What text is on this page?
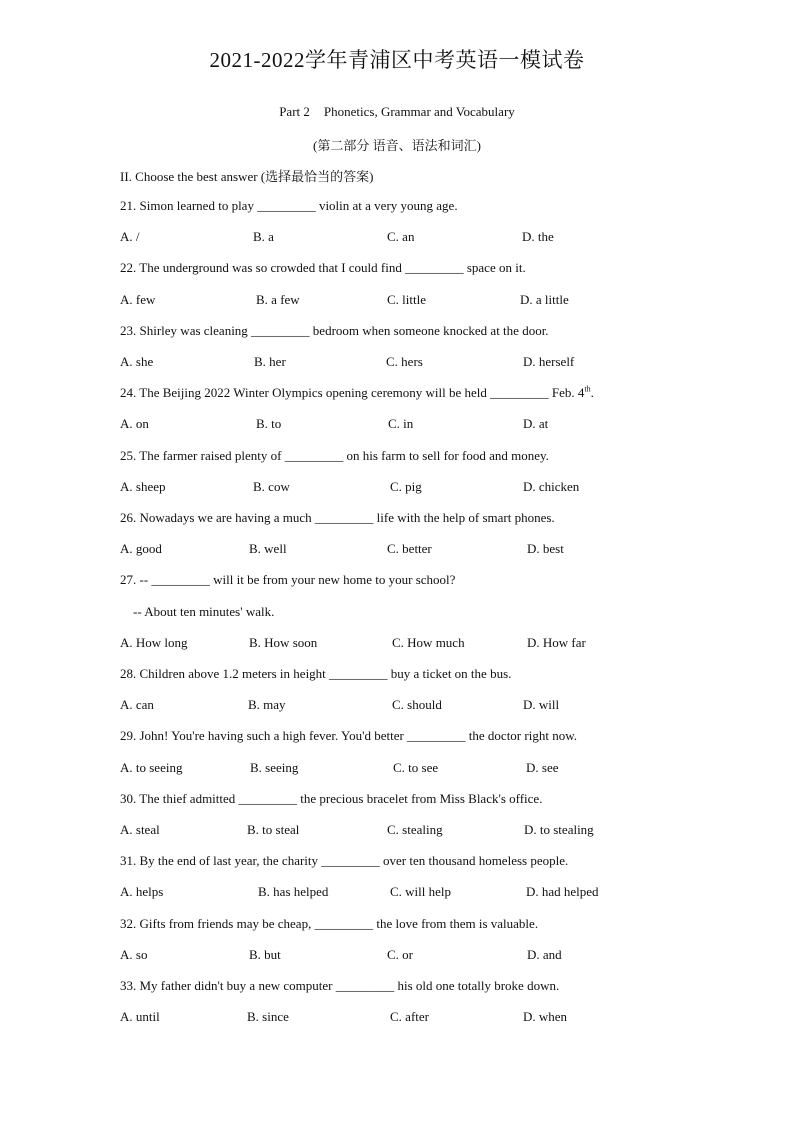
2021-2022学年青浦区中考英语一模试卷
Part 2 Phonetics, Grammar and Vocabulary
(第二部分 语音、语法和词汇)
II. Choose the best answer (选择最恰当的答案)
21. Simon learned to play _________ violin at a very young age.
A. /	B. a	C. an	D. the
22. The underground was so crowded that I could find _________ space on it.
A. few	B. a few	C. little	D. a little
23. Shirley was cleaning _________ bedroom when someone knocked at the door.
A. she	B. her	C. hers	D. herself
24. The Beijing 2022 Winter Olympics opening ceremony will be held _________ Feb. 4th.
A. on	B. to	C. in	D. at
25. The farmer raised plenty of _________ on his farm to sell for food and money.
A. sheep	B. cow	C. pig	D. chicken
26. Nowadays we are having a much _________ life with the help of smart phones.
A. good	B. well	C. better	D. best
27. -- _________ will it be from your new home to your school?
-- About ten minutes' walk.
A. How long	B. How soon	C. How much	D. How far
28. Children above 1.2 meters in height _________ buy a ticket on the bus.
A. can	B. may	C. should	D. will
29. John! You're having such a high fever. You'd better _________ the doctor right now.
A. to seeing	B. seeing	C. to see	D. see
30. The thief admitted _________ the precious bracelet from Miss Black's office.
A. steal	B. to steal	C. stealing	D. to stealing
31. By the end of last year, the charity _________ over ten thousand homeless people.
A. helps	B. has helped	C. will help	D. had helped
32. Gifts from friends may be cheap, _________ the love from them is valuable.
A. so	B. but	C. or	D. and
33. My father didn't buy a new computer _________ his old one totally broke down.
A. until	B. since	C. after	D. when
